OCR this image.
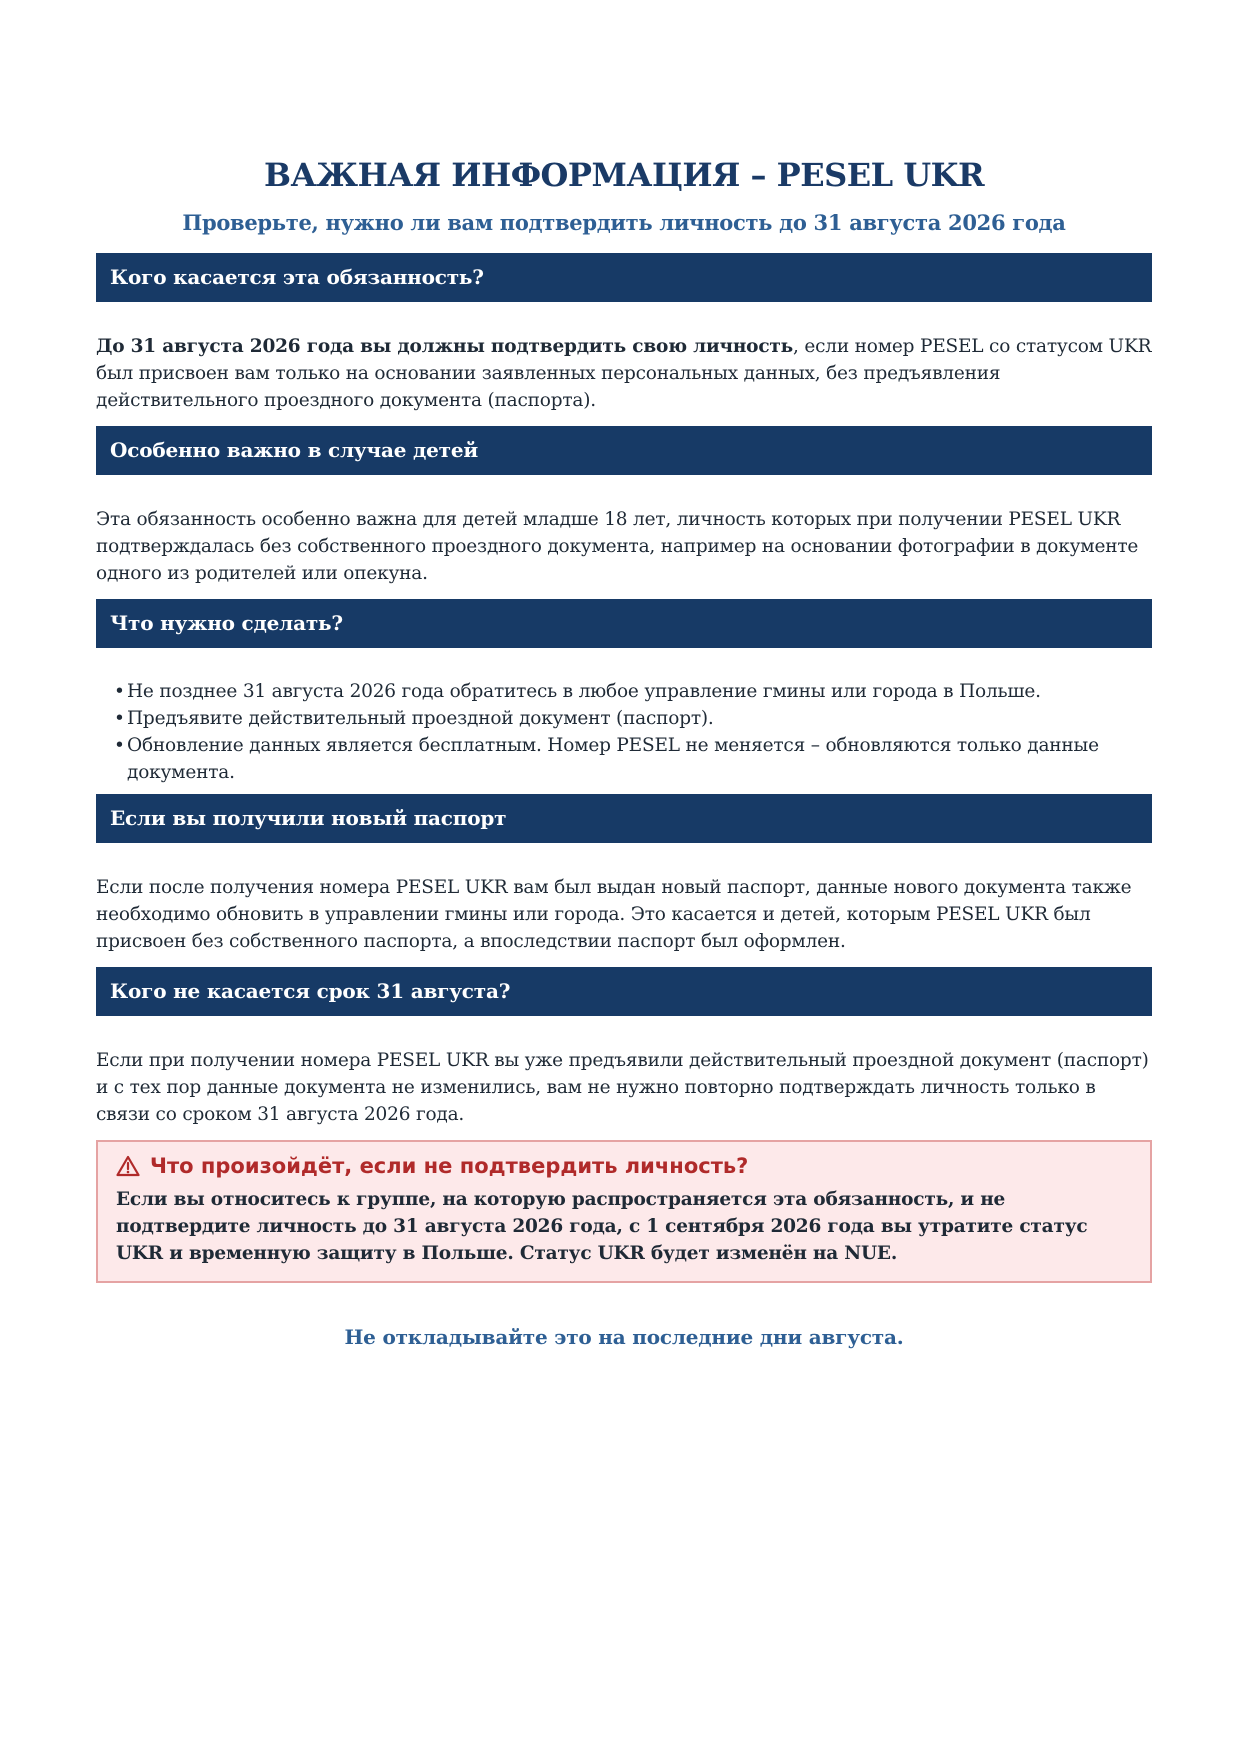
ВАЖНАЯ ИНФОРМАЦИЯ – PESEL UKR
Проверьте, нужно ли вам подтвердить личность до 31 августа 2026 года
Кого касается эта обязанность?

До 31 августа 2026 года вы должны подтвердить свою личность, если номер PESEL со статусом UKR был присвоен вам только на основании заявленных персональных данных, без предъявления действительного проездного документа (паспорта).

Особенно важно в случае детей

Эта обязанность особенно важна для детей младше 18 лет, личность которых при получении PESEL UKR подтверждалась без собственного проездного документа, например на основании фотографии в документе одного из родителей или опекуна.

Что нужно сделать?
• Не позднее 31 августа 2026 года обратитесь в любое управление гмины или города в Польше.
• Предъявите действительный проездной документ (паспорт).
• Обновление данных является бесплатным. Номер PESEL не меняется – обновляются только данные документа.
Если вы получили новый паспорт

Если после получения номера PESEL UKR вам был выдан новый паспорт, данные нового документа также необходимо обновить в управлении гмины или города. Это касается и детей, которым PESEL UKR был присвоен без собственного паспорта, а впоследствии паспорт был оформлен.

Кого не касается срок 31 августа?

Если при получении номера PESEL UKR вы уже предъявили действительный проездной документ (паспорт) и с тех пор данные документа не изменились, вам не нужно повторно подтверждать личность только в связи со сроком 31 августа 2026 года.

Что произойдёт, если не подтвердить личность?
Если вы относитесь к группе, на которую распространяется эта обязанность, и не подтвердите личность до 31 августа 2026 года, с 1 сентября 2026 года вы утратите статус UKR и временную защиту в Польше. Статус UKR будет изменён на NUE.
Не откладывайте это на последние дни августа.
